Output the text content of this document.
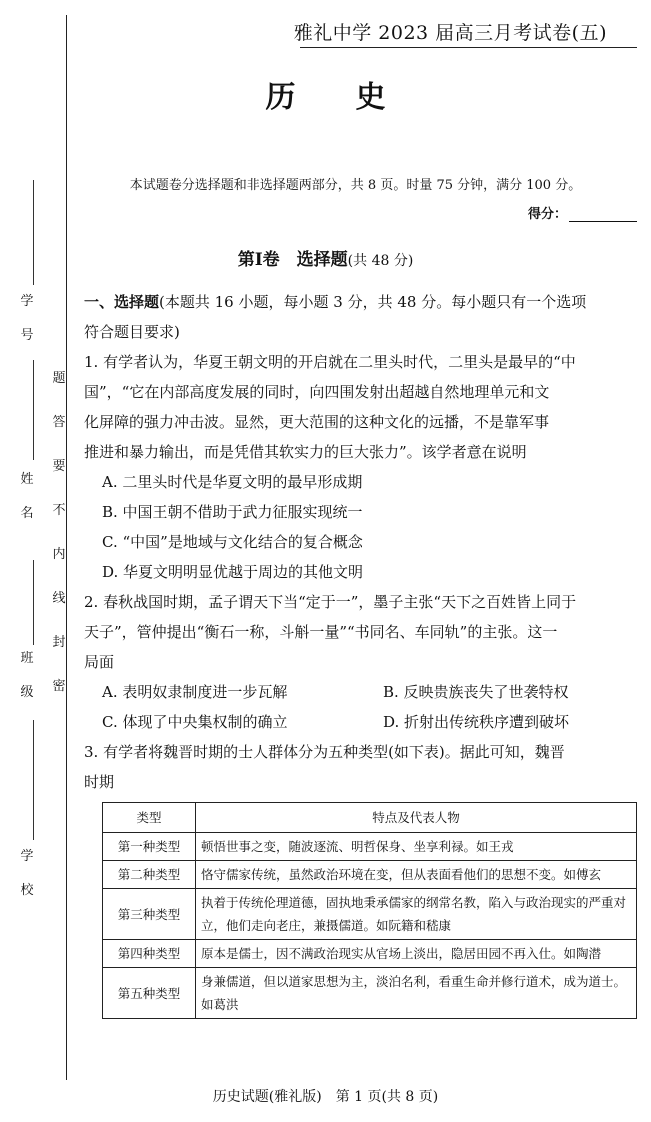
学
号
姓
名
班
级
学
校
密
封
线
内
不
要
答
题
雅礼中学 2023 届高三月考试卷(五)
历史
本试题卷分选择题和非选择题两部分，共 8 页。时量 75 分钟，满分 100 分。
得分：
第Ⅰ卷　选择题(共 48 分)
一、选择题(本题共 16 小题，每小题 3 分，共 48 分。每小题只有一个选项
符合题目要求)
1. 有学者认为，华夏王朝文明的开启就在二里头时代，二里头是最早的“中
国”，“它在内部高度发展的同时，向四围发射出超越自然地理单元和文
化屏障的强力冲击波。显然，更大范围的这种文化的远播，不是靠军事
推进和暴力输出，而是凭借其软实力的巨大张力”。该学者意在说明
A. 二里头时代是华夏文明的最早形成期
B. 中国王朝不借助于武力征服实现统一
C. “中国”是地域与文化结合的复合概念
D. 华夏文明明显优越于周边的其他文明
2. 春秋战国时期，孟子谓天下当“定于一”，墨子主张“天下之百姓皆上同于
天子”，管仲提出“衡石一称，斗斛一量”“书同名、车同轨”的主张。这一
局面
A. 表明奴隶制度进一步瓦解	B. 反映贵族丧失了世袭特权
C. 体现了中央集权制的确立	D. 折射出传统秩序遭到破坏
3. 有学者将魏晋时期的士人群体分为五种类型(如下表)。据此可知，魏晋
时期
类型	特点及代表人物
第一种类型	顿悟世事之变，随波逐流、明哲保身、坐享利禄。如王戎
第二种类型	恪守儒家传统，虽然政治环境在变，但从表面看他们的思想不变。如傅玄
第三种类型	执着于传统伦理道德，固执地秉承儒家的纲常名教，陷入与政治现实的严重对立，他们走向老庄，兼摄儒道。如阮籍和嵇康
第四种类型	原本是儒士，因不满政治现实从官场上淡出，隐居田园不再入仕。如陶潜
第五种类型	身兼儒道，但以道家思想为主，淡泊名利，看重生命并修行道术，成为道士。如葛洪
历史试题(雅礼版)　第 1 页(共 8 页)
